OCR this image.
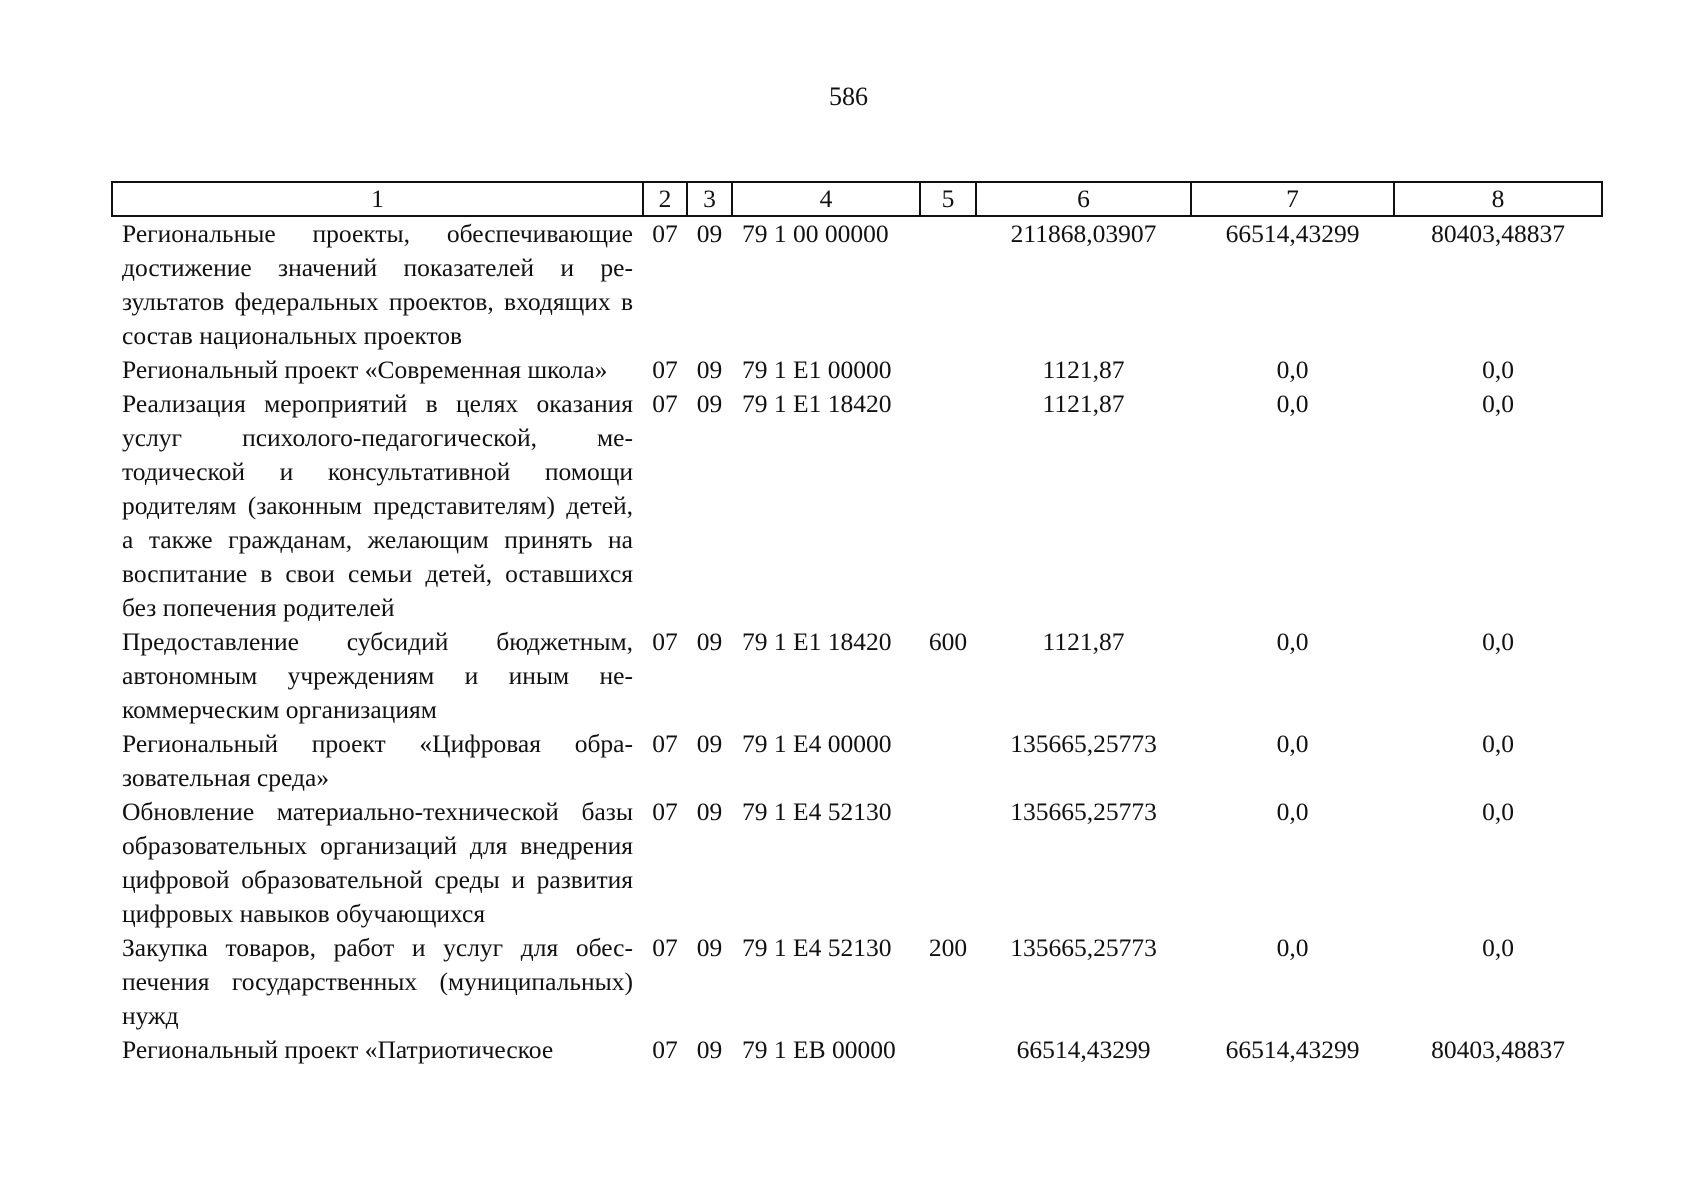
586
1	2	3	4	5	6	7	8
Региональные проекты, обеспечивающие достижение значений показателей и результатов федеральных проектов, входящих в состав национальных проектов	07	09	79 1 00 00000		211868,03907	66514,43299	80403,48837
Региональный проект «Современная школа»	07	09	79 1 E1 00000		1121,87	0,0	0,0
Реализация мероприятий в целях оказания услуг психолого-педагогической, методической и консультативной помощи родителям (законным представителям) детей, а также гражданам, желающим принять на воспитание в свои семьи детей, оставшихся без попечения родителей	07	09	79 1 E1 18420		1121,87	0,0	0,0
Предоставление субсидий бюджетным, автономным учреждениям и иным некоммерческим организациям	07	09	79 1 E1 18420	600	1121,87	0,0	0,0
Региональный проект «Цифровая образовательная среда»	07	09	79 1 E4 00000		135665,25773	0,0	0,0
Обновление материально-технической базы образовательных организаций для внедрения цифровой образовательной среды и развития цифровых навыков обучающихся	07	09	79 1 E4 52130		135665,25773	0,0	0,0
Закупка товаров, работ и услуг для обеспечения государственных (муниципальных) нужд	07	09	79 1 E4 52130	200	135665,25773	0,0	0,0
Региональный проект «Патриотическое	07	09	79 1 EB 00000		66514,43299	66514,43299	80403,48837
